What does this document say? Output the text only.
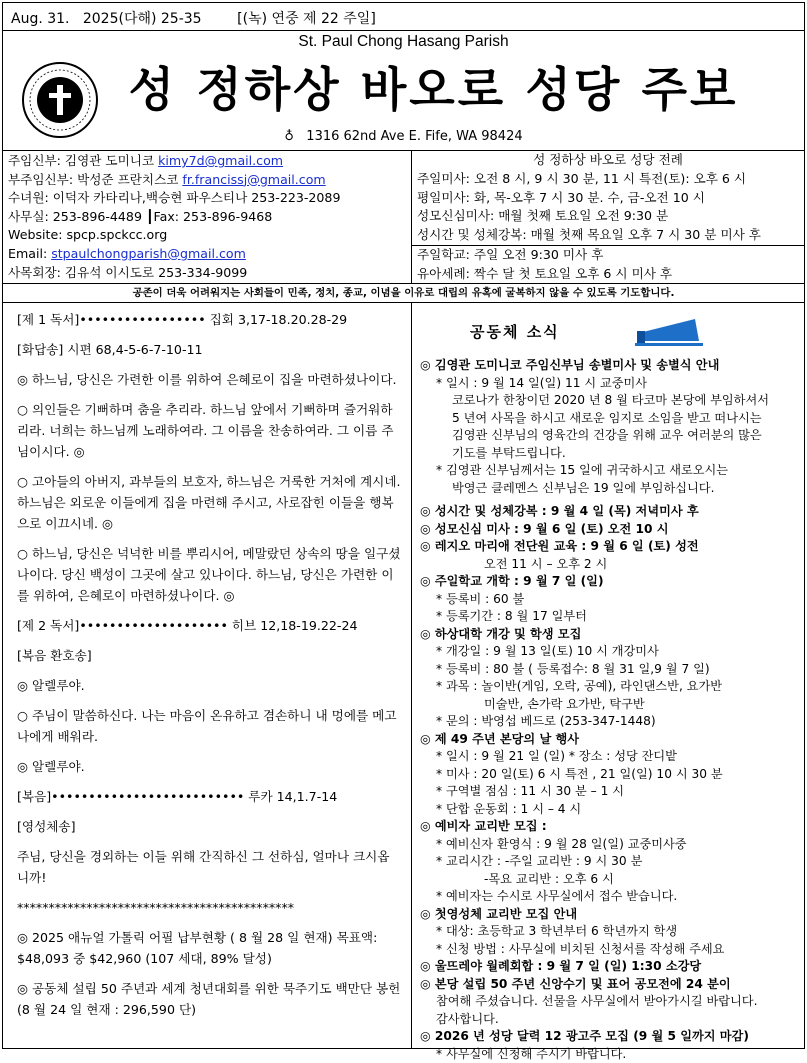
Aug. 31.   2025(다해) 25-35        [(녹) 연중 제 22 주일]
St. Paul Chong Hasang Parish
성 정하상 바오로 성당 주보
♁ 1316 62nd Ave E. Fife, WA 98424
주임신부: 김영관 도미니코 kimy7d@gmail.com
부주임신부: 박성준 프란치스코 fr.francissj@gmail.com
수녀원: 이덕자 카타리나,백승현 파우스티나 253-223-2089
사무실: 253-896-4489 ┃Fax: 253-896-9468
Website: spcp.spckcc.org
Email: stpaulchongparish@gmail.com
사목회장: 김유석 이시도로 253-334-9099
성 정하상 바오로 성당 전례
주일미사: 오전 8 시, 9 시 30 분, 11 시 특전(토): 오후 6 시
평일미사: 화, 목-오후 7 시 30 분. 수, 금-오전 10 시
성모신심미사: 매월 첫째 토요일 오전 9:30 분
성시간 및 성체강복: 매월 첫째 목요일 오후 7 시 30 분 미사 후
주일학교: 주일 오전 9:30 미사 후
유아세례: 짝수 달 첫 토요일 오후 6 시 미사 후
공존이 더욱 어려워지는 사회들이 민족, 정치, 종교, 이념을 이유로 대립의 유혹에 굴복하지 않을 수 있도록 기도합니다.
[제 1 독서]••••••••••••••••• 집회 3,17-18.20.28-29
[화답송] 시편 68,4-5-6-7-10-11
◎ 하느님, 당신은 가련한 이를 위하여 은혜로이 집을 마련하셨나이다.
○ 의인들은 기뻐하며 춤을 추리라. 하느님 앞에서 기뻐하며 즐거워하리라. 너희는 하느님께 노래하여라. 그 이름을 찬송하여라. 그 이름 주님이시다. ◎
○ 고아들의 아버지, 과부들의 보호자, 하느님은 거룩한 거처에 계시네. 하느님은 외로운 이들에게 집을 마련해 주시고, 사로잡힌 이들을 행복으로 이끄시네. ◎
○ 하느님, 당신은 넉넉한 비를 뿌리시어, 메말랐던 상속의 땅을 일구셨나이다. 당신 백성이 그곳에 살고 있나이다. 하느님, 당신은 가련한 이를 위하여, 은혜로이 마련하셨나이다. ◎
[제 2 독서]•••••••••••••••••••• 히브 12,18-19.22-24
[복음 환호송]
◎ 알렐루야.
○ 주님이 말씀하신다. 나는 마음이 온유하고 겸손하니 내 멍에를 메고 나에게 배워라.
◎ 알렐루야.
[복음]•••••••••••••••••••••••••• 루카 14,1.7-14
[영성체송]
주님, 당신을 경외하는 이들 위해 간직하신 그 선하심, 얼마나 크시옵니까!
********************************************
◎ 2025 애뉴얼 가톨릭 어필 납부현황 ( 8 월 28 일 현재) 목표액: $48,093 중 $42,960 (107 세대, 89% 달성)
◎ 공동체 설립 50 주년과 세계 청년대회를 위한 묵주기도 백만단 봉헌 (8 월 24 일 현재 : 296,590 단)
공동체 소식
◎ 김영관 도미니코 주임신부님 송별미사 및 송별식 안내
* 일시 : 9 월 14 일(일) 11 시 교중미사
코로나가 한창이던 2020 년 8 월 타코마 본당에 부임하셔서
5 년여 사목을 하시고 새로운 임지로 소임을 받고 떠나시는
김영관 신부님의 영육간의 건강을 위해 교우 여러분의 많은
기도를 부탁드립니다.
* 김영관 신부님께서는 15 일에 귀국하시고 새로오시는
박영근 클레멘스 신부님은 19 일에 부임하십니다.
◎ 성시간 및 성체강복 : 9 월 4 일 (목) 저녁미사 후
◎ 성모신심 미사 : 9 월 6 일 (토) 오전 10 시
◎ 레지오 마리애 전단원 교육 : 9 월 6 일 (토) 성전
오전 11 시 – 오후 2 시
◎ 주일학교 개학 : 9 월 7 일 (일)
* 등록비 : 60 불
* 등록기간 : 8 월 17 일부터
◎ 하상대학 개강 및 학생 모집
* 개강일 : 9 월 13 일(토) 10 시 개강미사
* 등록비 : 80 불 ( 등록접수: 8 월 31 일,9 월 7 일)
* 과목 : 놀이반(게임, 오락, 공예), 라인댄스반, 요가반
미술반, 손가락 요가반, 탁구반
* 문의 : 박영섭 베드로 (253-347-1448)
◎ 제 49 주년 본당의 날 행사
* 일시 : 9 월 21 일 (일) * 장소 : 성당 잔디밭
* 미사 : 20 일(토) 6 시 특전 , 21 일(일) 10 시 30 분
* 구역별 점심 : 11 시 30 분 – 1 시
* 단합 운동회 : 1 시 – 4 시
◎ 예비자 교리반 모집 :
* 예비신자 환영식 : 9 월 28 일(일) 교중미사중
* 교리시간 : -주일 교리반 : 9 시 30 분
-목요 교리반 : 오후 6 시
* 예비자는 수시로 사무실에서 접수 받습니다.
◎ 첫영성체 교리반 모집 안내
* 대상: 초등학교 3 학년부터 6 학년까지 학생
* 신청 방법 : 사무실에 비치된 신청서를 작성해 주세요
◎ 울뜨레야 월례회합 : 9 월 7 일 (일) 1:30 소강당
◎ 본당 설립 50 주년 신앙수기 및 표어 공모전에 24 분이
참여해 주셨습니다. 선물을 사무실에서 받아가시길 바랍니다.
감사합니다.
◎ 2026 년 성당 달력 12 광고주 모집 (9 월 5 일까지 마감)
* 사무실에 신청해 주시기 바랍니다.
